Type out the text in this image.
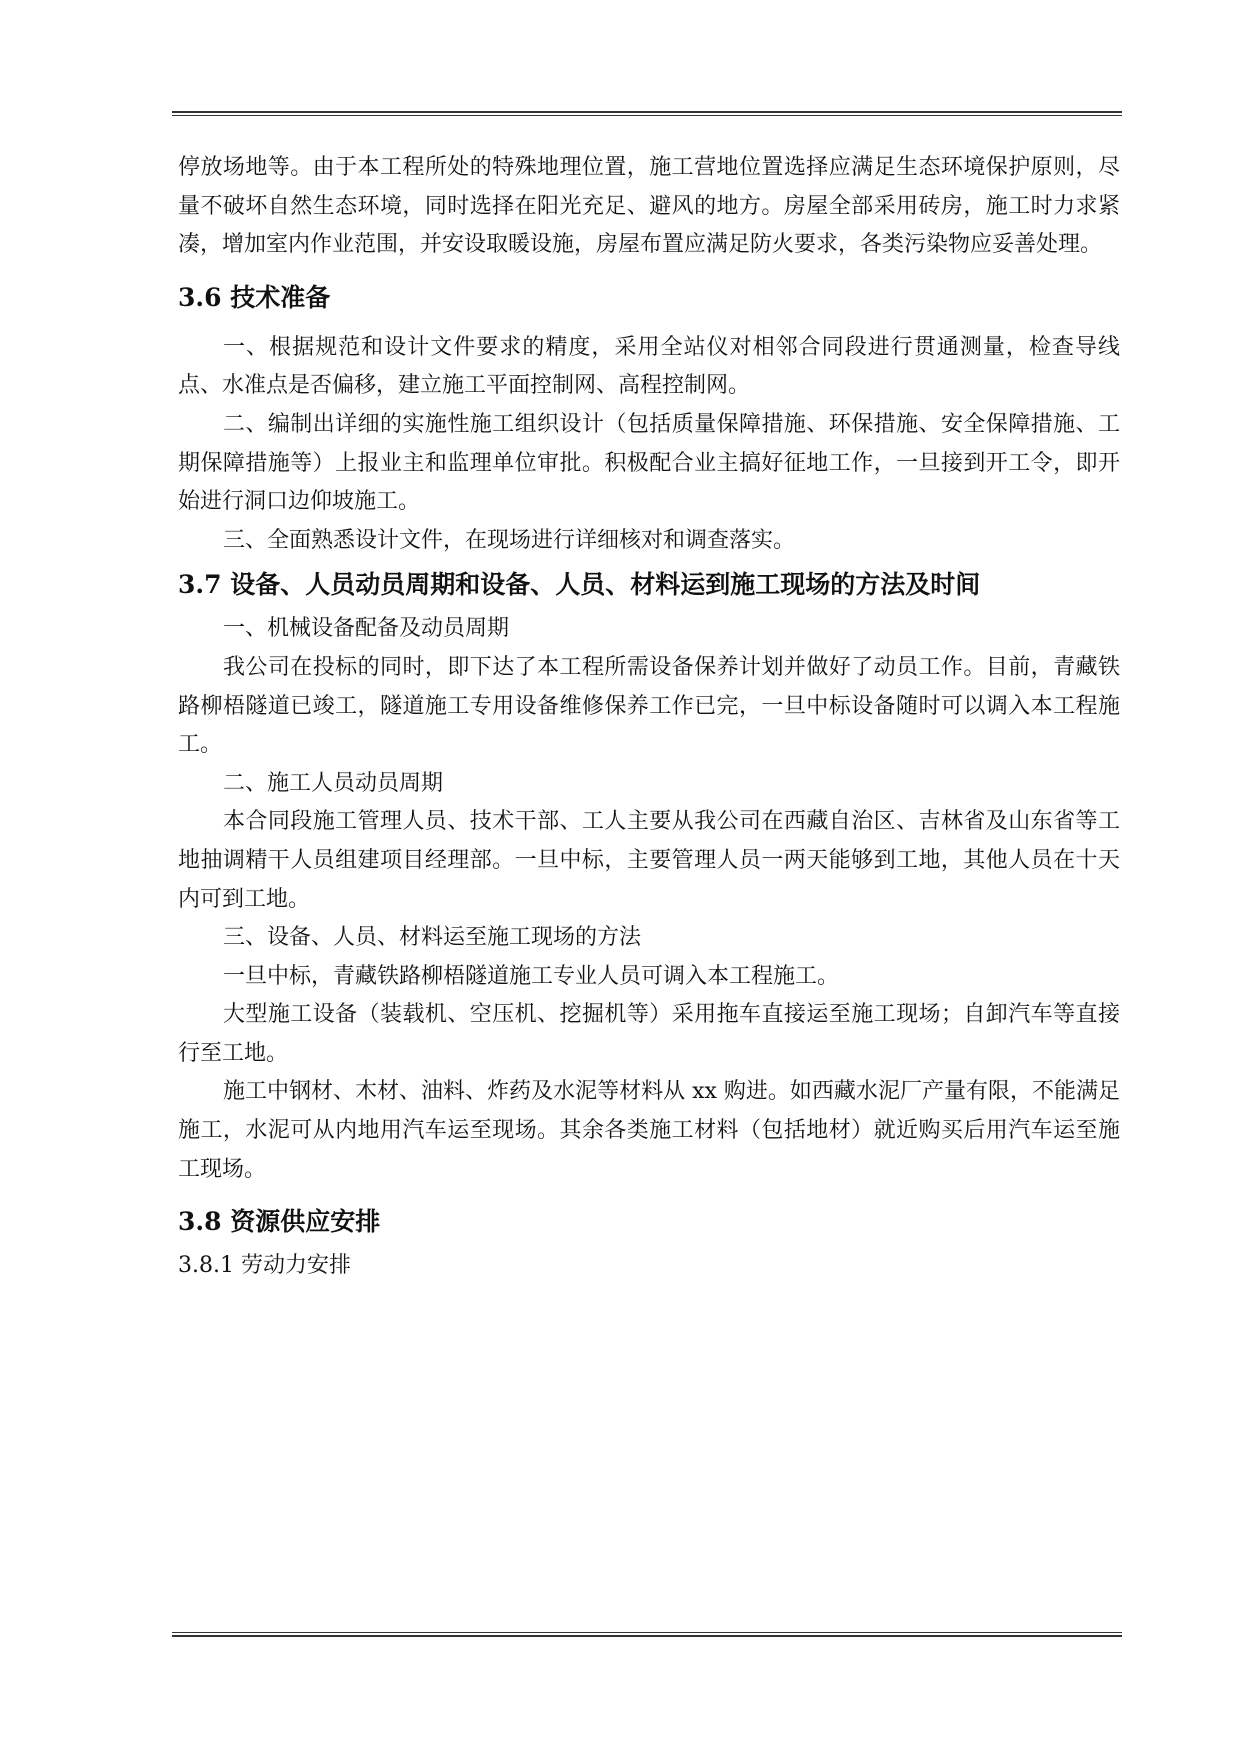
停放场地等。由于本工程所处的特殊地理位置，施工营地位置选择应满足生态环境保护原则，尽量不破坏自然生态环境，同时选择在阳光充足、避风的地方。房屋全部采用砖房，施工时力求紧凑，增加室内作业范围，并安设取暖设施，房屋布置应满足防火要求，各类污染物应妥善处理。

3.6 技术准备

一、根据规范和设计文件要求的精度，采用全站仪对相邻合同段进行贯通测量，检查导线点、水准点是否偏移，建立施工平面控制网、高程控制网。

二、编制出详细的实施性施工组织设计（包括质量保障措施、环保措施、安全保障措施、工期保障措施等）上报业主和监理单位审批。积极配合业主搞好征地工作，一旦接到开工令，即开始进行洞口边仰坡施工。

三、全面熟悉设计文件，在现场进行详细核对和调查落实。

3.7 设备、人员动员周期和设备、人员、材料运到施工现场的方法及时间

一、机械设备配备及动员周期

我公司在投标的同时，即下达了本工程所需设备保养计划并做好了动员工作。目前，青藏铁路柳梧隧道已竣工，隧道施工专用设备维修保养工作已完，一旦中标设备随时可以调入本工程施工。

二、施工人员动员周期

本合同段施工管理人员、技术干部、工人主要从我公司在西藏自治区、吉林省及山东省等工地抽调精干人员组建项目经理部。一旦中标，主要管理人员一两天能够到工地，其他人员在十天内可到工地。

三、设备、人员、材料运至施工现场的方法

一旦中标，青藏铁路柳梧隧道施工专业人员可调入本工程施工。

大型施工设备（装载机、空压机、挖掘机等）采用拖车直接运至施工现场；自卸汽车等直接行至工地。

施工中钢材、木材、油料、炸药及水泥等材料从 xx 购进。如西藏水泥厂产量有限，不能满足施工，水泥可从内地用汽车运至现场。其余各类施工材料（包括地材）就近购买后用汽车运至施工现场。

3.8 资源供应安排

3.8.1 劳动力安排
